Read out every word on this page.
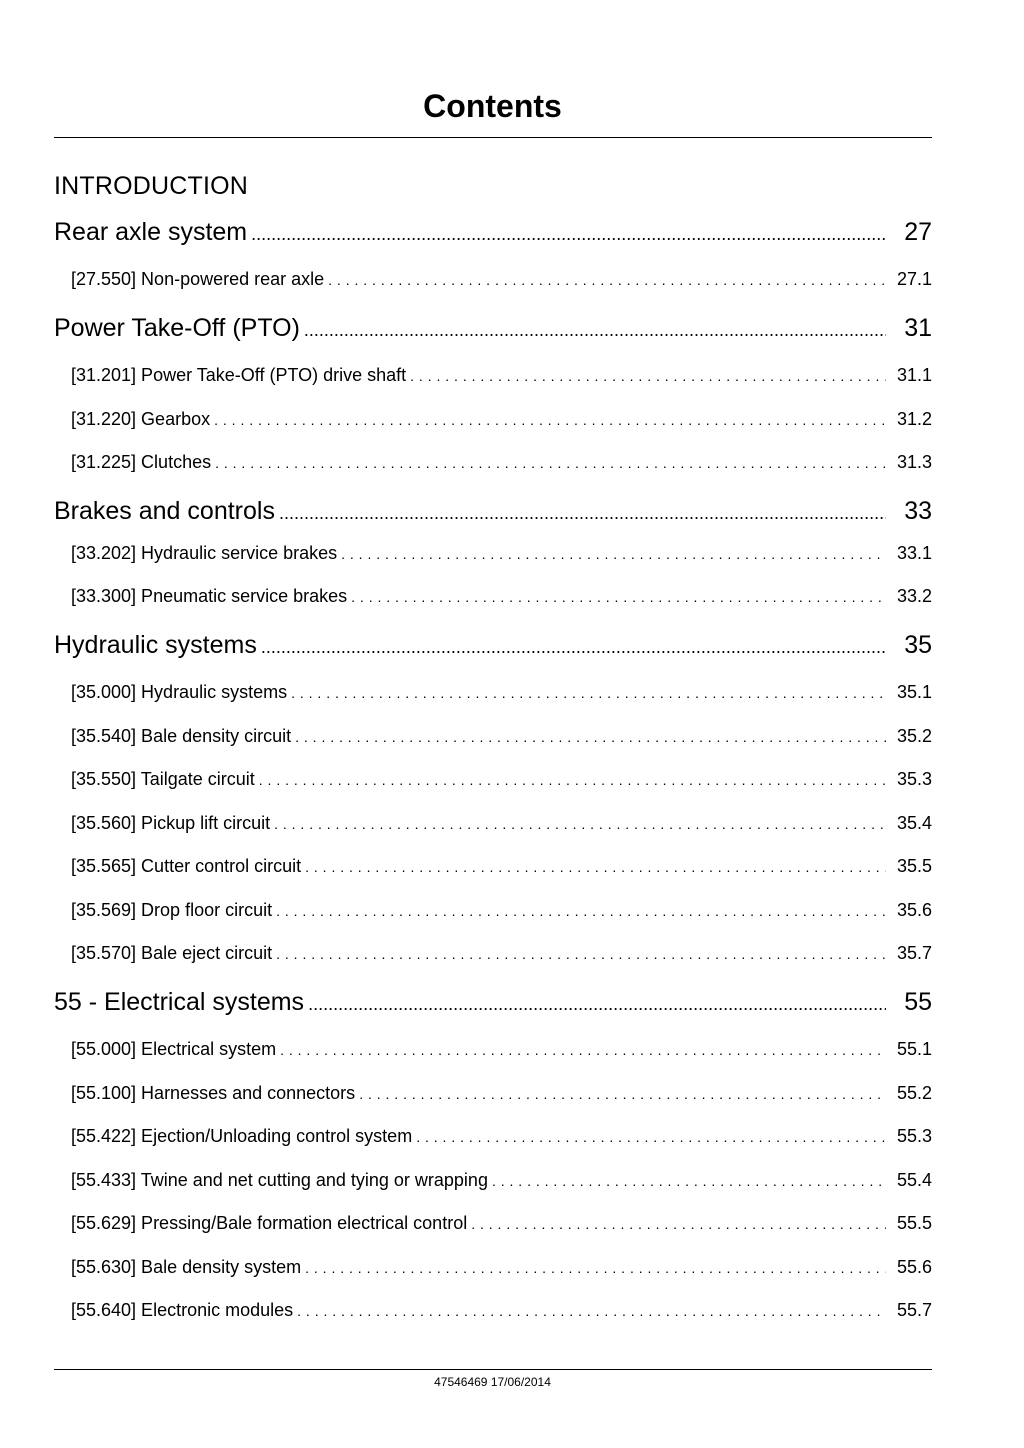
Contents
INTRODUCTION
Rear axle system .....	27
[27.550] Non-powered rear axle . . .	27.1
Power Take-Off (PTO) .....	31
[31.201] Power Take-Off (PTO) drive shaft . . .	31.1
[31.220] Gearbox . . .	31.2
[31.225] Clutches . . .	31.3
Brakes and controls .....	33
[33.202] Hydraulic service brakes . . .	33.1
[33.300] Pneumatic service brakes . . .	33.2
Hydraulic systems .....	35
[35.000] Hydraulic systems . . .	35.1
[35.540] Bale density circuit . . .	35.2
[35.550] Tailgate circuit . . .	35.3
[35.560] Pickup lift circuit . . .	35.4
[35.565] Cutter control circuit . . .	35.5
[35.569] Drop floor circuit . . .	35.6
[35.570] Bale eject circuit . . .	35.7
55 - Electrical systems .....	55
[55.000] Electrical system . . .	55.1
[55.100] Harnesses and connectors . . .	55.2
[55.422] Ejection/Unloading control system . . .	55.3
[55.433] Twine and net cutting and tying or wrapping . . .	55.4
[55.629] Pressing/Bale formation electrical control . . .	55.5
[55.630] Bale density system . . .	55.6
[55.640] Electronic modules . . .	55.7
47546469 17/06/2014
